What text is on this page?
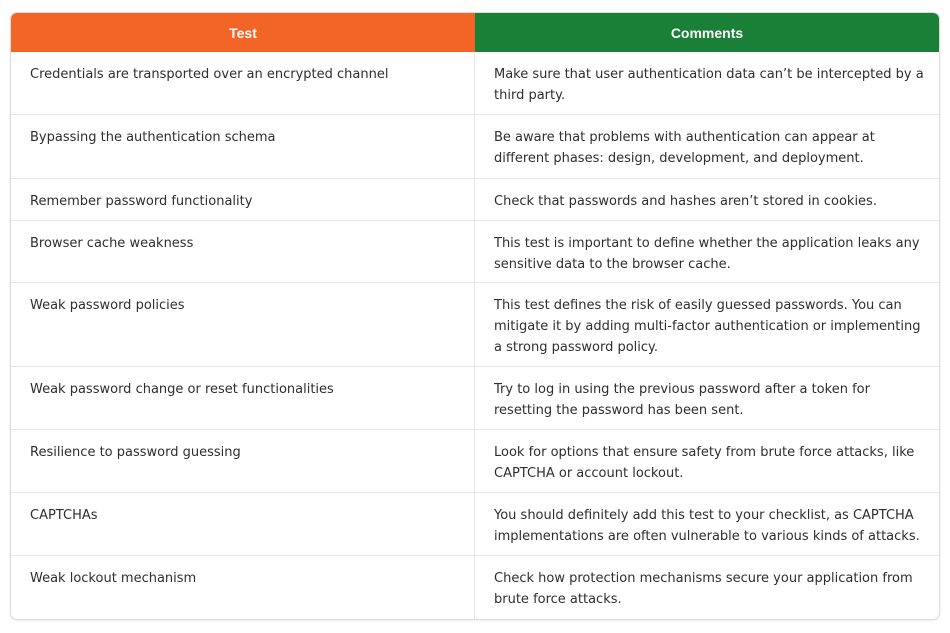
Test	Comments
Credentials are transported over an encrypted channel	Make sure that user authentication data can’t be intercepted by a third party.
Bypassing the authentication schema	Be aware that problems with authentication can appear at different phases: design, development, and deployment.
Remember password functionality	Check that passwords and hashes aren’t stored in cookies.
Browser cache weakness	This test is important to define whether the application leaks any sensitive data to the browser cache.
Weak password policies	This test defines the risk of easily guessed passwords. You can mitigate it by adding multi-factor authentication or implementing a strong password policy.
Weak password change or reset functionalities	Try to log in using the previous password after a token for resetting the password has been sent.
Resilience to password guessing	Look for options that ensure safety from brute force attacks, like CAPTCHA or account lockout.
CAPTCHAs	You should definitely add this test to your checklist, as CAPTCHA implementations are often vulnerable to various kinds of attacks.
Weak lockout mechanism	Check how protection mechanisms secure your application from brute force attacks.
